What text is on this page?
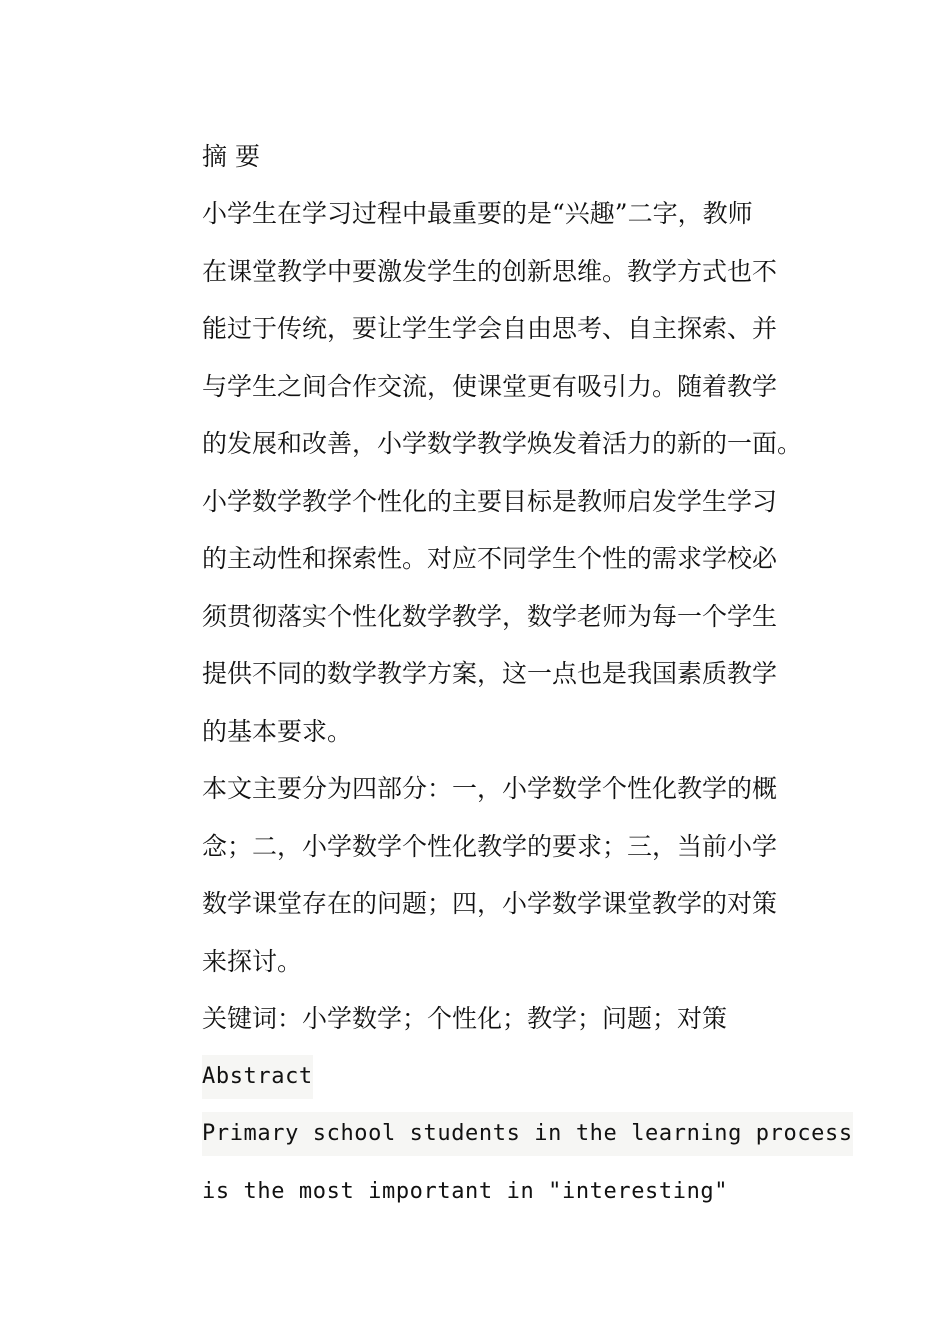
摘 要
小学生在学习过程中最重要的是“兴趣”二字，教师
在课堂教学中要激发学生的创新思维。教学方式也不
能过于传统，要让学生学会自由思考、自主探索、并
与学生之间合作交流，使课堂更有吸引力。随着教学
的发展和改善，小学数学教学焕发着活力的新的一面。
小学数学教学个性化的主要目标是教师启发学生学习
的主动性和探索性。对应不同学生个性的需求学校必
须贯彻落实个性化数学教学，数学老师为每一个学生
提供不同的数学教学方案，这一点也是我国素质教学
的基本要求。
本文主要分为四部分：一，小学数学个性化教学的概
念；二，小学数学个性化教学的要求；三，当前小学
数学课堂存在的问题；四，小学数学课堂教学的对策
来探讨。
关键词：小学数学；个性化；教学；问题；对策
Abstract
Primary school students in the learning process
is the most important in "interesting"
